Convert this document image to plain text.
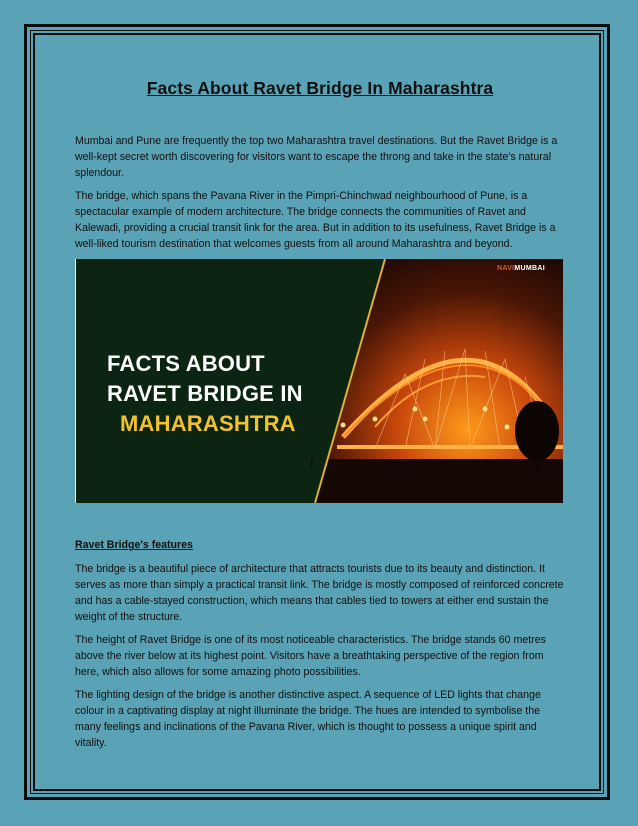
Facts About Ravet Bridge In Maharashtra

Mumbai and Pune are frequently the top two Maharashtra travel destinations. But the Ravet Bridge is a well-kept secret worth discovering for visitors want to escape the throng and take in the state's natural splendour.

The bridge, which spans the Pavana River in the Pimpri-Chinchwad neighbourhood of Pune, is a spectacular example of modern architecture. The bridge connects the communities of Ravet and Kalewadi, providing a crucial transit link for the area. But in addition to its usefulness, Ravet Bridge is a well-liked tourism destination that welcomes guests from all around Maharashtra and beyond.

NAVIMUMBAI
FACTS ABOUT
RAVET BRIDGE IN
MAHARASHTRA
Ravet Bridge's features

The bridge is a beautiful piece of architecture that attracts tourists due to its beauty and distinction. It serves as more than simply a practical transit link. The bridge is mostly composed of reinforced concrete and has a cable-stayed construction, which means that cables tied to towers at either end sustain the weight of the structure.

The height of Ravet Bridge is one of its most noticeable characteristics. The bridge stands 60 metres above the river below at its highest point. Visitors have a breathtaking perspective of the region from here, which also allows for some amazing photo possibilities.

The lighting design of the bridge is another distinctive aspect. A sequence of LED lights that change colour in a captivating display at night illuminate the bridge. The hues are intended to symbolise the many feelings and inclinations of the Pavana River, which is thought to possess a unique spirit and vitality.
